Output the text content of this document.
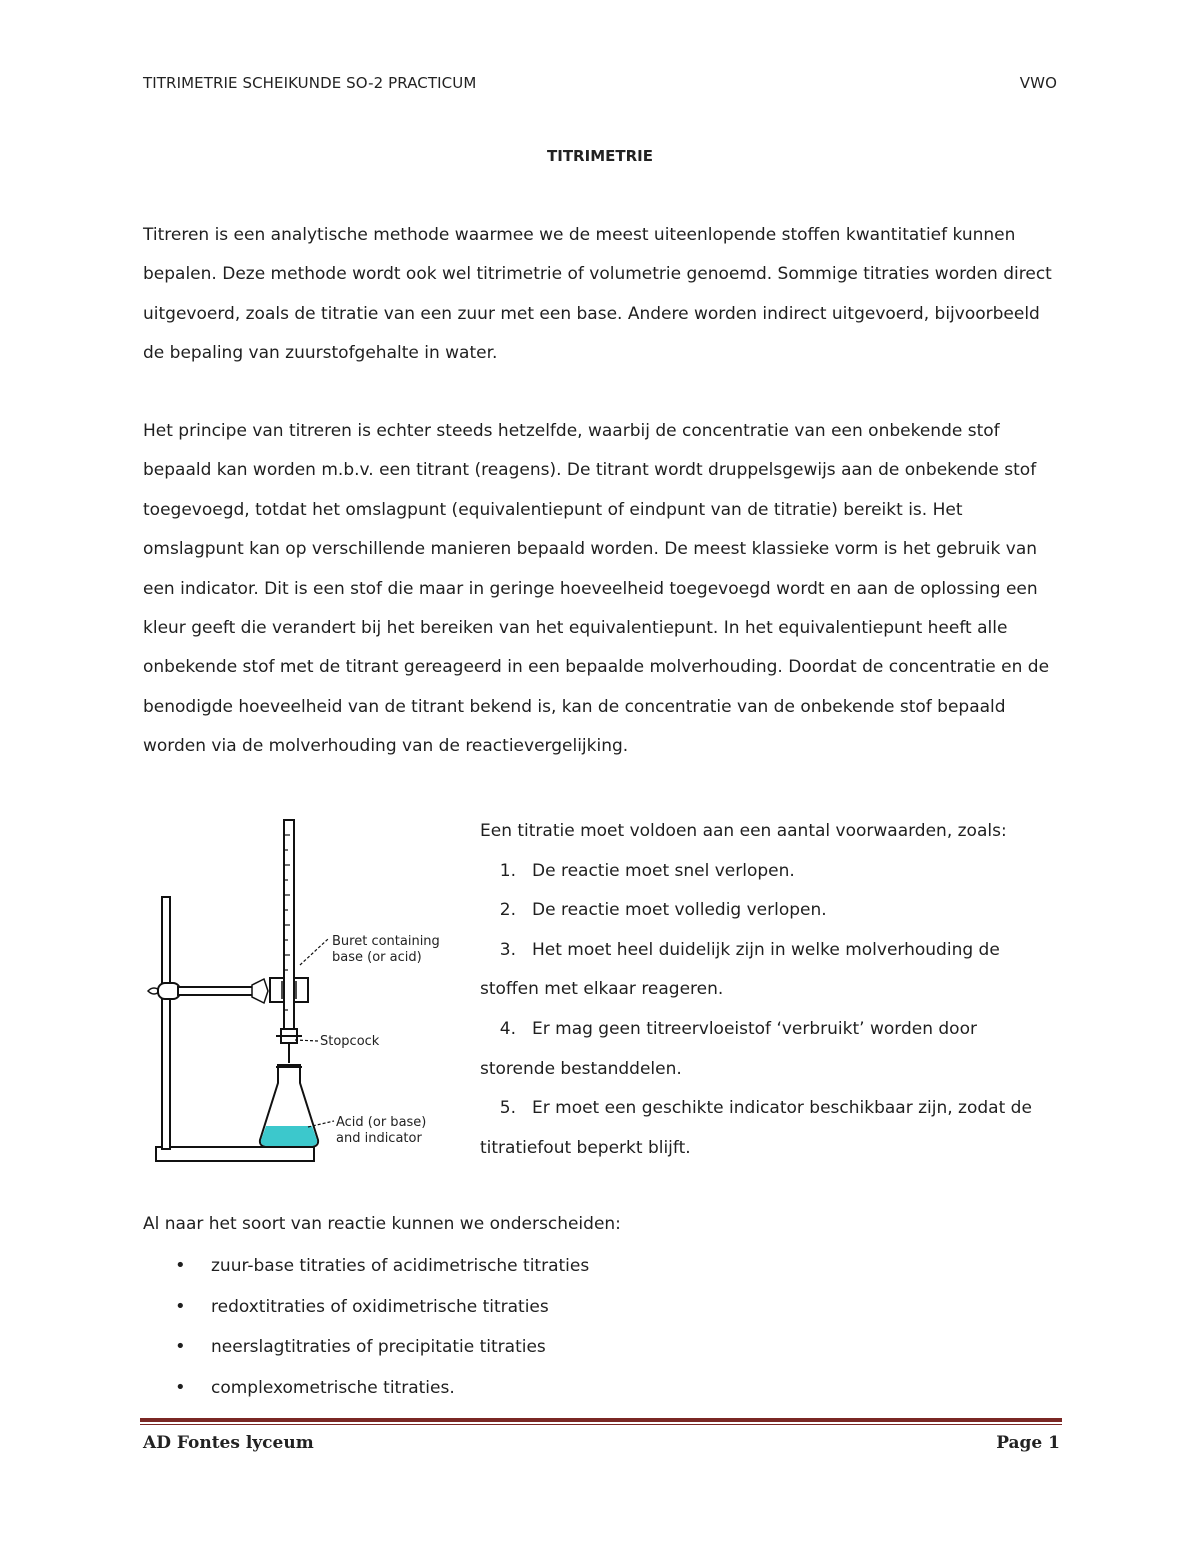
TITRIMETRIE SCHEIKUNDE SO-2 PRACTICUM	VWO
TITRIMETRIE

Titreren is een analytische methode waarmee we de meest uiteenlopende stoffen kwantitatief kunnen bepalen. Deze methode wordt ook wel titrimetrie of volumetrie genoemd. Sommige titraties worden direct uitgevoerd, zoals de titratie van een zuur met een base. Andere worden indirect uitgevoerd, bijvoorbeeld de bepaling van zuurstofgehalte in water.

Het principe van titreren is echter steeds hetzelfde, waarbij de concentratie van een onbekende stof bepaald kan worden m.b.v. een titrant (reagens). De titrant wordt druppelsgewijs aan de onbekende stof toegevoegd, totdat het omslagpunt (equivalentiepunt of eindpunt van de titratie) bereikt is. Het omslagpunt kan op verschillende manieren bepaald worden. De meest klassieke vorm is het gebruik van een indicator. Dit is een stof die maar in geringe hoeveelheid toegevoegd wordt en aan de oplossing een kleur geeft die verandert bij het bereiken van het equivalentiepunt. In het equivalentiepunt heeft alle onbekende stof met de titrant gereageerd in een bepaalde molverhouding. Doordat de concentratie en de benodigde hoeveelheid van de titrant bekend is, kan de concentratie van de onbekende stof bepaald worden via de molverhouding van de reactievergelijking.

Buret containing
base (or acid)
Stopcock
Acid (or base)
and indicator
Een titratie moet voldoen aan een aantal voorwaarden, zoals:
1. De reactie moet snel verlopen.
2. De reactie moet volledig verlopen.
3. Het moet heel duidelijk zijn in welke molverhouding de
stoffen met elkaar reageren.
4. Er mag geen titreervloeistof ‘verbruikt’ worden door
storende bestanddelen.
5. Er moet een geschikte indicator beschikbaar zijn, zodat de
titratiefout beperkt blijft.

Al naar het soort van reactie kunnen we onderscheiden:

• zuur-base titraties of acidimetrische titraties
• redoxtitraties of oxidimetrische titraties
• neerslagtitraties of precipitatie titraties
• complexometrische titraties.
AD Fontes lyceum	Page 1
